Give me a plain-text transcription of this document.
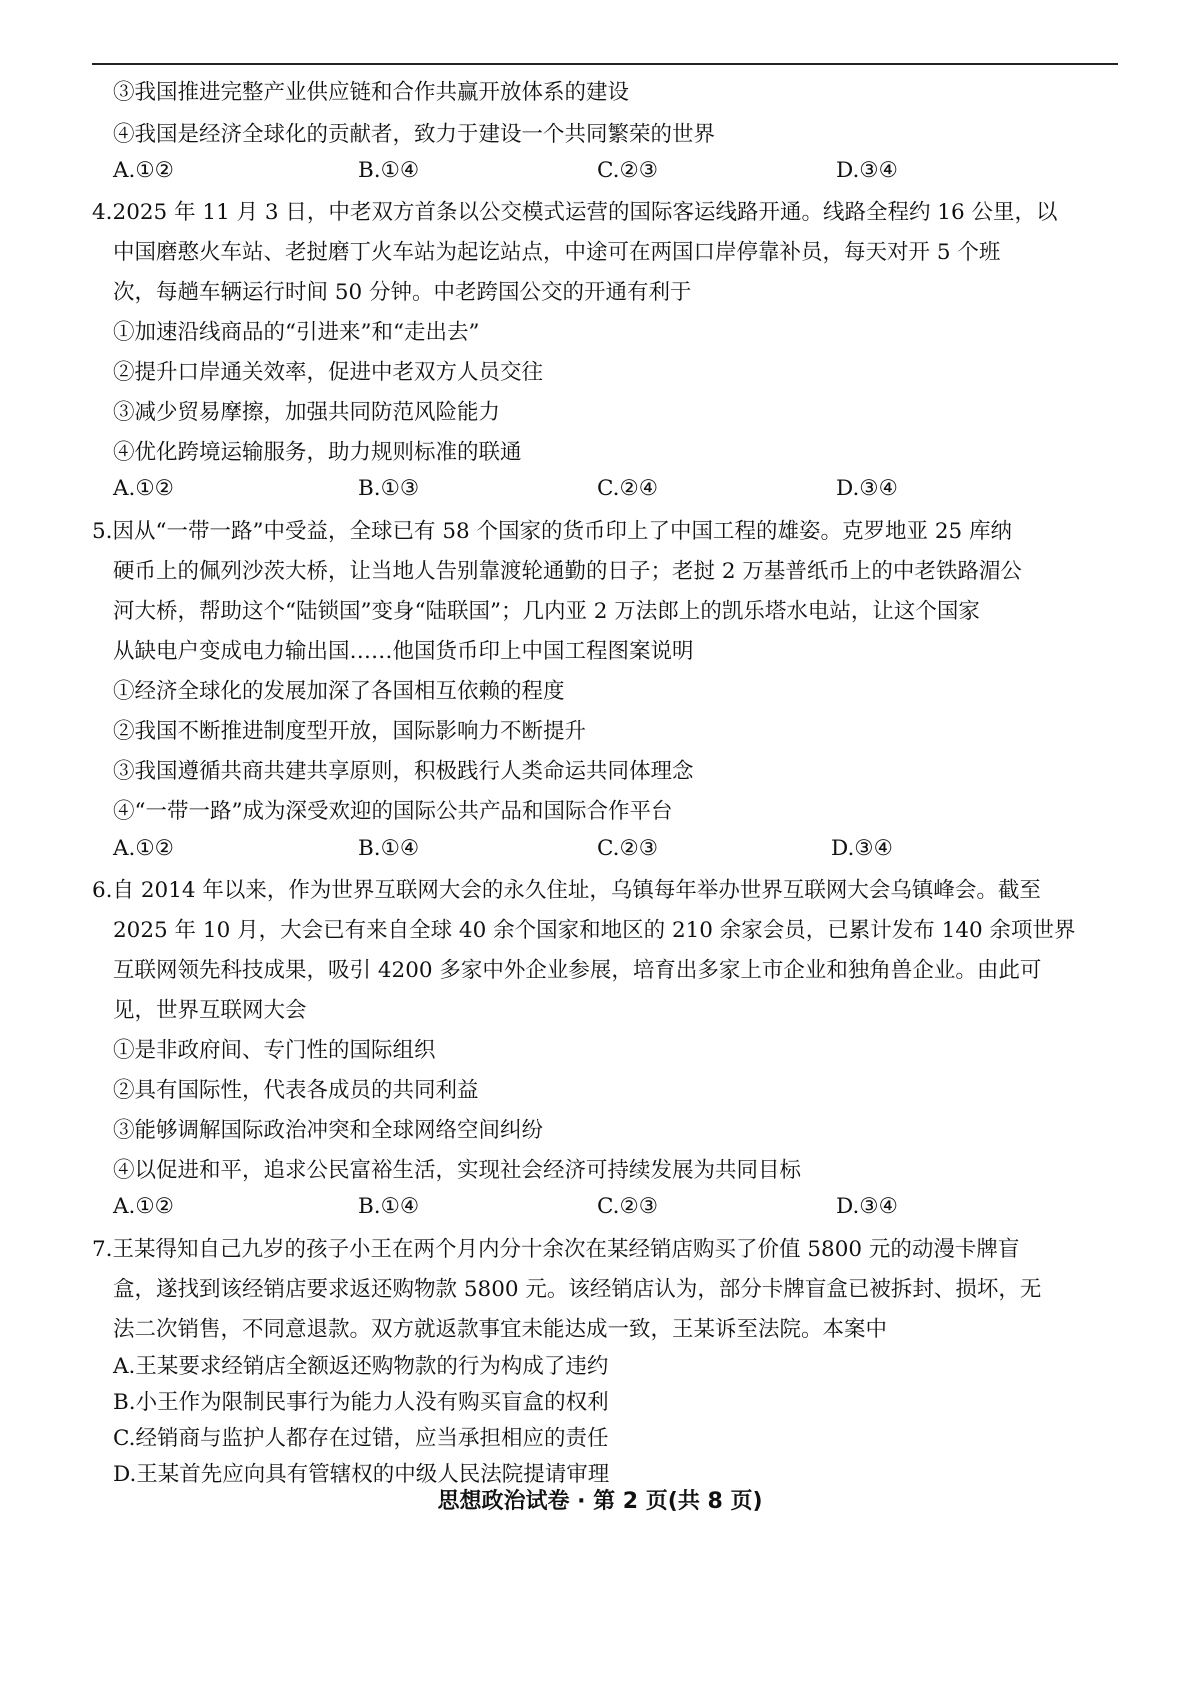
③我国推进完整产业供应链和合作共赢开放体系的建设
④我国是经济全球化的贡献者，致力于建设一个共同繁荣的世界
A.①②	B.①④	C.②③	D.③④
4.2025 年 11 月 3 日，中老双方首条以公交模式运营的国际客运线路开通。线路全程约 16 公里，以
中国磨憨火车站、老挝磨丁火车站为起讫站点，中途可在两国口岸停靠补员，每天对开 5 个班
次，每趟车辆运行时间 50 分钟。中老跨国公交的开通有利于
①加速沿线商品的“引进来”和“走出去”
②提升口岸通关效率，促进中老双方人员交往
③减少贸易摩擦，加强共同防范风险能力
④优化跨境运输服务，助力规则标准的联通
A.①②	B.①③	C.②④	D.③④
5.因从“一带一路”中受益，全球已有 58 个国家的货币印上了中国工程的雄姿。克罗地亚 25 库纳
硬币上的佩列沙茨大桥，让当地人告别靠渡轮通勤的日子；老挝 2 万基普纸币上的中老铁路湄公
河大桥，帮助这个“陆锁国”变身“陆联国”；几内亚 2 万法郎上的凯乐塔水电站，让这个国家
从缺电户变成电力输出国……他国货币印上中国工程图案说明
①经济全球化的发展加深了各国相互依赖的程度
②我国不断推进制度型开放，国际影响力不断提升
③我国遵循共商共建共享原则，积极践行人类命运共同体理念
④“一带一路”成为深受欢迎的国际公共产品和国际合作平台
A.①②	B.①④	C.②③	D.③④
6.自 2014 年以来，作为世界互联网大会的永久住址，乌镇每年举办世界互联网大会乌镇峰会。截至
2025 年 10 月，大会已有来自全球 40 余个国家和地区的 210 余家会员，已累计发布 140 余项世界
互联网领先科技成果，吸引 4200 多家中外企业参展，培育出多家上市企业和独角兽企业。由此可
见，世界互联网大会
①是非政府间、专门性的国际组织
②具有国际性，代表各成员的共同利益
③能够调解国际政治冲突和全球网络空间纠纷
④以促进和平，追求公民富裕生活，实现社会经济可持续发展为共同目标
A.①②	B.①④	C.②③	D.③④
7.王某得知自己九岁的孩子小王在两个月内分十余次在某经销店购买了价值 5800 元的动漫卡牌盲
盒，遂找到该经销店要求返还购物款 5800 元。该经销店认为，部分卡牌盲盒已被拆封、损坏，无
法二次销售，不同意退款。双方就返款事宜未能达成一致，王某诉至法院。本案中
A.王某要求经销店全额返还购物款的行为构成了违约
B.小王作为限制民事行为能力人没有购买盲盒的权利
C.经销商与监护人都存在过错，应当承担相应的责任
D.王某首先应向具有管辖权的中级人民法院提请审理
思想政治试卷 · 第 2 页(共 8 页)
